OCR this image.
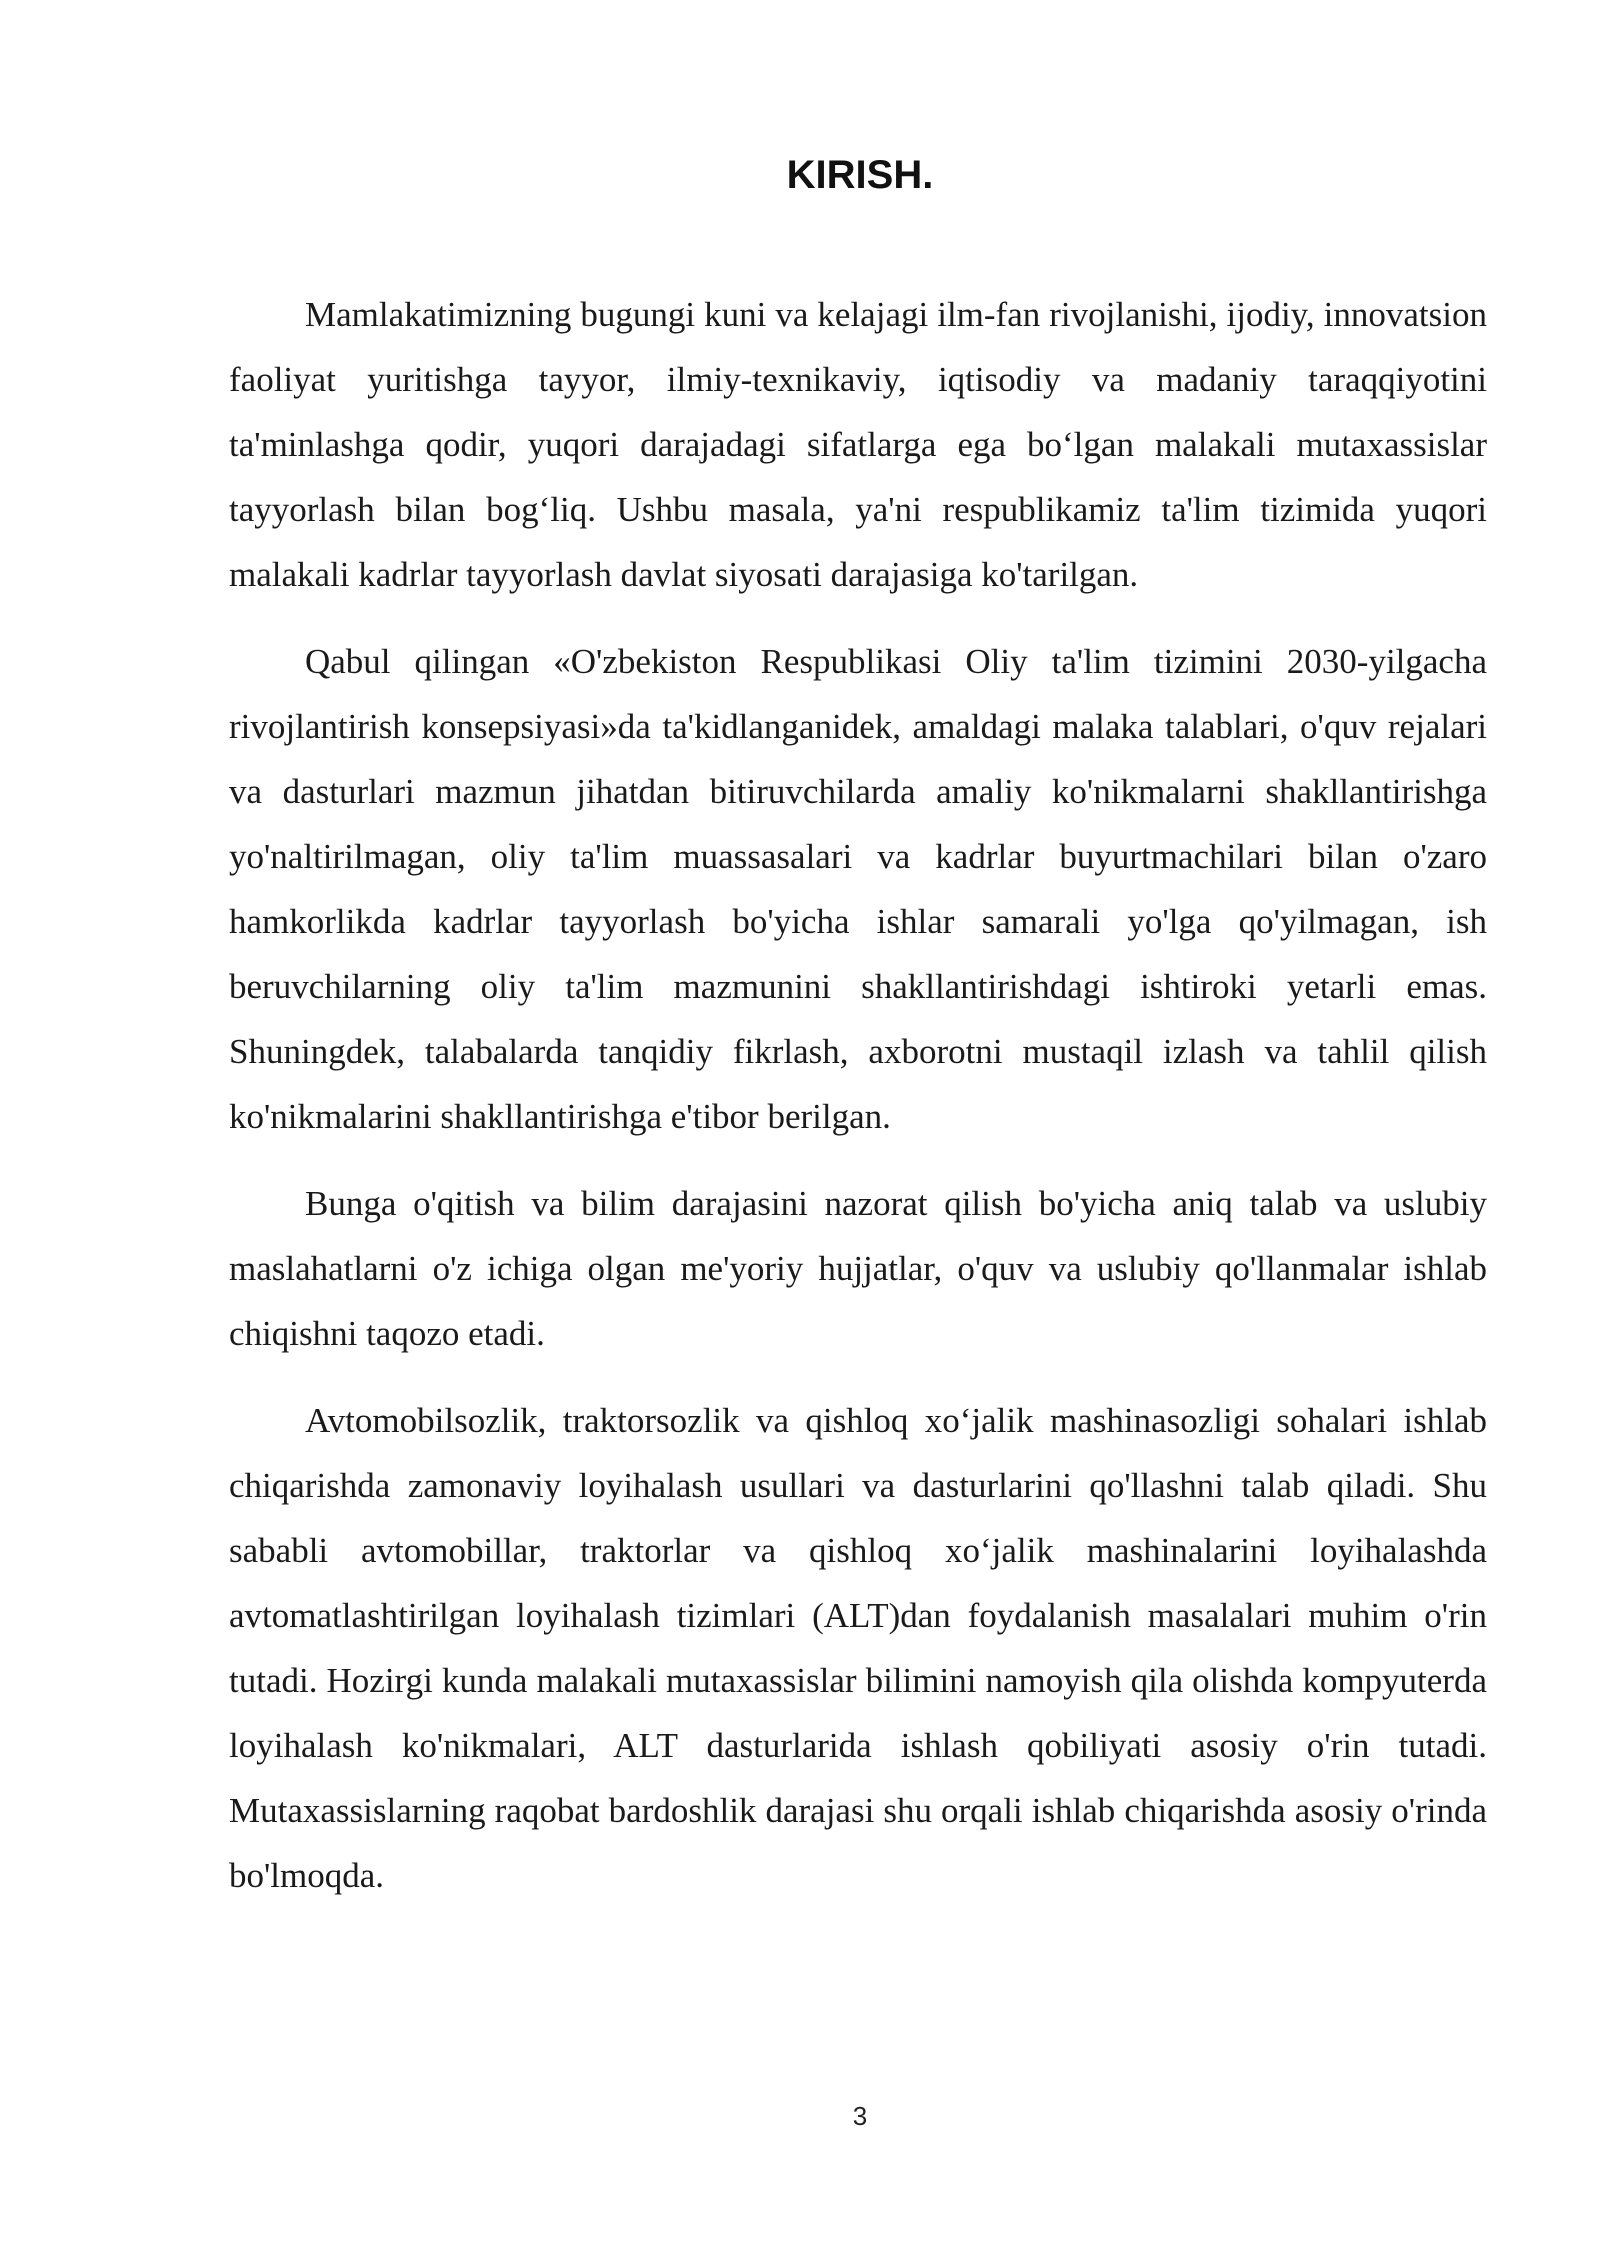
KIRISH.

Mamlakatimizning bugungi kuni va kelajagi ilm-fan rivojlanishi, ijodiy, innovatsion faoliyat yuritishga tayyor, ilmiy-texnikaviy, iqtisodiy va madaniy taraqqiyotini ta'minlashga qodir, yuqori darajadagi sifatlarga ega bo‘lgan malakali mutaxassislar tayyorlash bilan bog‘liq. Ushbu masala, ya'ni respublikamiz ta'lim tizimida yuqori malakali kadrlar tayyorlash davlat siyosati darajasiga ko'tarilgan.

Qabul qilingan «O'zbekiston Respublikasi Oliy ta'lim tizimini 2030-yilgacha rivojlantirish konsepsiyasi»da ta'kidlanganidek, amaldagi malaka talablari, o'quv rejalari va dasturlari mazmun jihatdan bitiruvchilarda amaliy ko'nikmalarni shakllantirishga yo'naltirilmagan, oliy ta'lim muassasalari va kadrlar buyurtmachilari bilan o'zaro hamkorlikda kadrlar tayyorlash bo'yicha ishlar samarali yo'lga qo'yilmagan, ish beruvchilarning oliy ta'lim mazmunini shakllantirishdagi ishtiroki yetarli emas. Shuningdek, talabalarda tanqidiy fikrlash, axborotni mustaqil izlash va tahlil qilish ko'nikmalarini shakllantirishga e'tibor berilgan.

Bunga o'qitish va bilim darajasini nazorat qilish bo'yicha aniq talab va uslubiy maslahatlarni o'z ichiga olgan me'yoriy hujjatlar, o'quv va uslubiy qo'llanmalar ishlab chiqishni taqozo etadi.

Avtomobilsozlik, traktorsozlik va qishloq xo‘jalik mashinasozligi sohalari ishlab chiqarishda zamonaviy loyihalash usullari va dasturlarini qo'llashni talab qiladi. Shu sababli avtomobillar, traktorlar va qishloq xo‘jalik mashinalarini loyihalashda avtomatlashtirilgan loyihalash tizimlari (ALT)dan foydalanish masalalari muhim o'rin tutadi. Hozirgi kunda malakali mutaxassislar bilimini namoyish qila olishda kompyuterda loyihalash ko'nikmalari, ALT dasturlarida ishlash qobiliyati asosiy o'rin tutadi. Mutaxassislarning raqobat bardoshlik darajasi shu orqali ishlab chiqarishda asosiy o'rinda bo'lmoqda.

3
